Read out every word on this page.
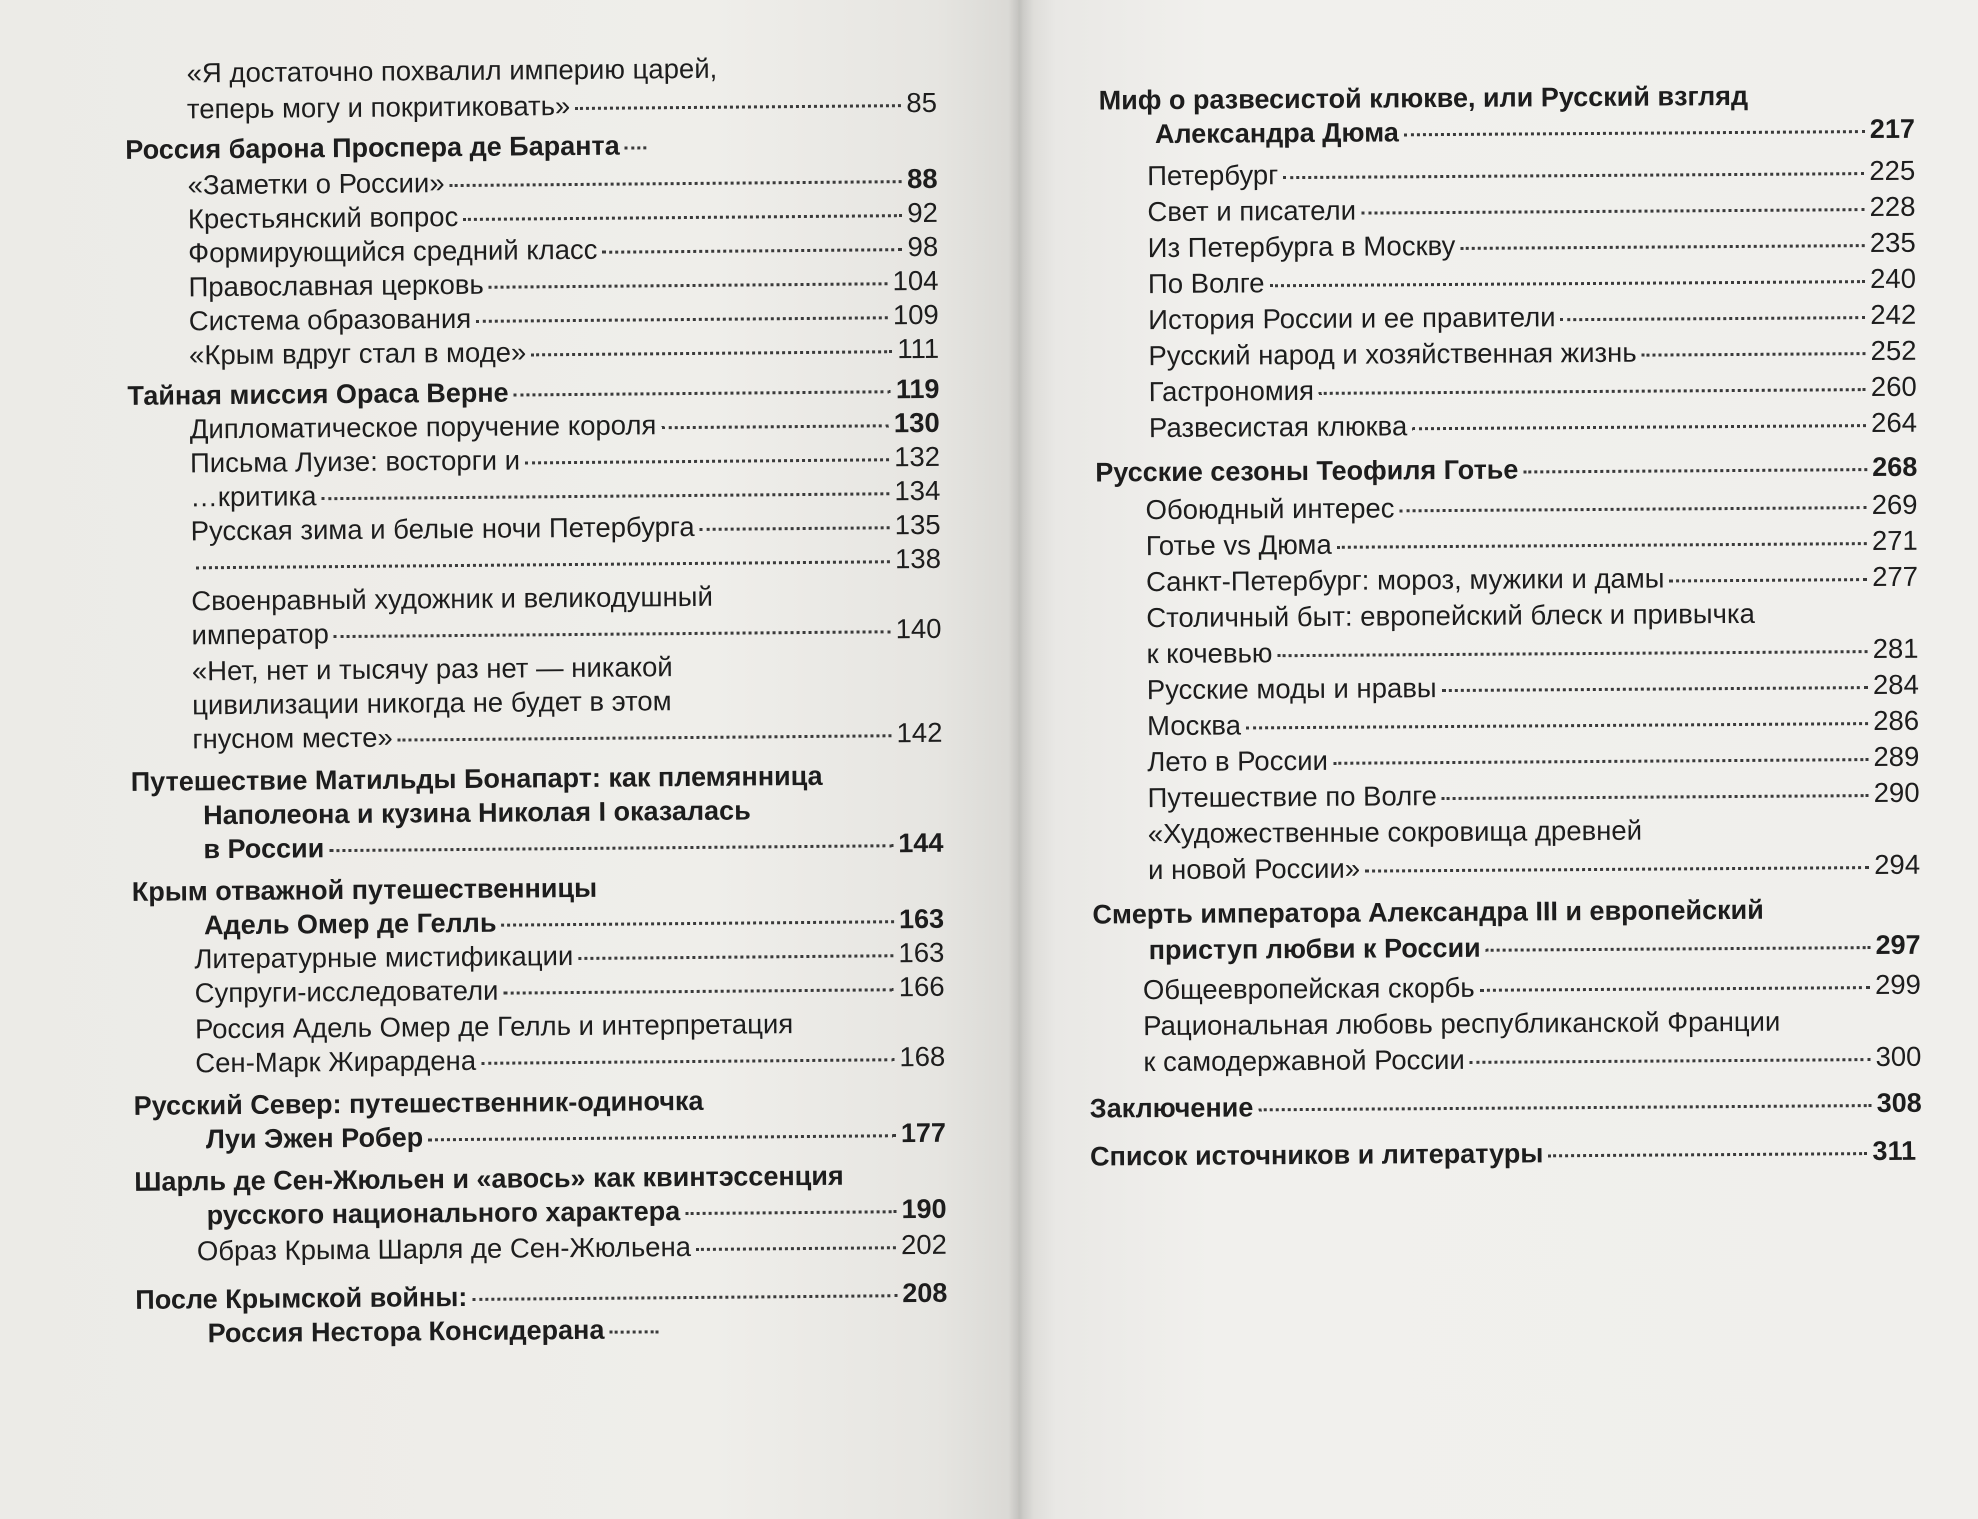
«Я достаточно похвалил империю царей,
теперь могу и покритиковать»	85
Россия барона Проспера де Баранта
«Заметки о России»	88
Крестьянский вопрос	92
Формирующийся средний класс	98
Православная церковь	104
Система образования	109
«Крым вдруг стал в моде»	111
Тайная миссия Ораса Верне	119
Дипломатическое поручение короля	130
Письма Луизе: восторги и	132
…критика	134
Русская зима и белые ночи Петербурга	135
138
Своенравный художник и великодушный
император	140
«Нет, нет и тысячу раз нет — никакой
цивилизации никогда не будет в этом
гнусном месте»	142
Путешествие Матильды Бонапарт: как племянница
Наполеона и кузина Николая I оказалась
в России	144
Крым отважной путешественницы
Адель Омер де Гелль	163
Литературные мистификации	163
Супруги-исследователи	166
Россия Адель Омер де Гелль и интерпретация
Сен-Марк Жирардена	168
Русский Север: путешественник-одиночка
Луи Эжен Робер	177
Шарль де Сен-Жюльен и «авось» как квинтэссенция
русского национального характера	190
Образ Крыма Шарля де Сен-Жюльена	202
После Крымской войны:	208
Россия Нестора Консидерана
Миф о развесистой клюкве, или Русский взгляд
Александра Дюма	217
Петербург	225
Свет и писатели	228
Из Петербурга в Москву	235
По Волге	240
История России и ее правители	242
Русский народ и хозяйственная жизнь	252
Гастрономия	260
Развесистая клюква	264
Русские сезоны Теофиля Готье	268
Обоюдный интерес	269
Готье vs Дюма	271
Санкт-Петербург: мороз, мужики и дамы	277
Столичный быт: европейский блеск и привычка
к кочевью	281
Русские моды и нравы	284
Москва	286
Лето в России	289
Путешествие по Волге	290
«Художественные сокровища древней
и новой России»	294
Смерть императора Александра III и европейский
приступ любви к России	297
Общеевропейская скорбь	299
Рациональная любовь республиканской Франции
к самодержавной России	300
Заключение	308
Список источников и литературы	311
